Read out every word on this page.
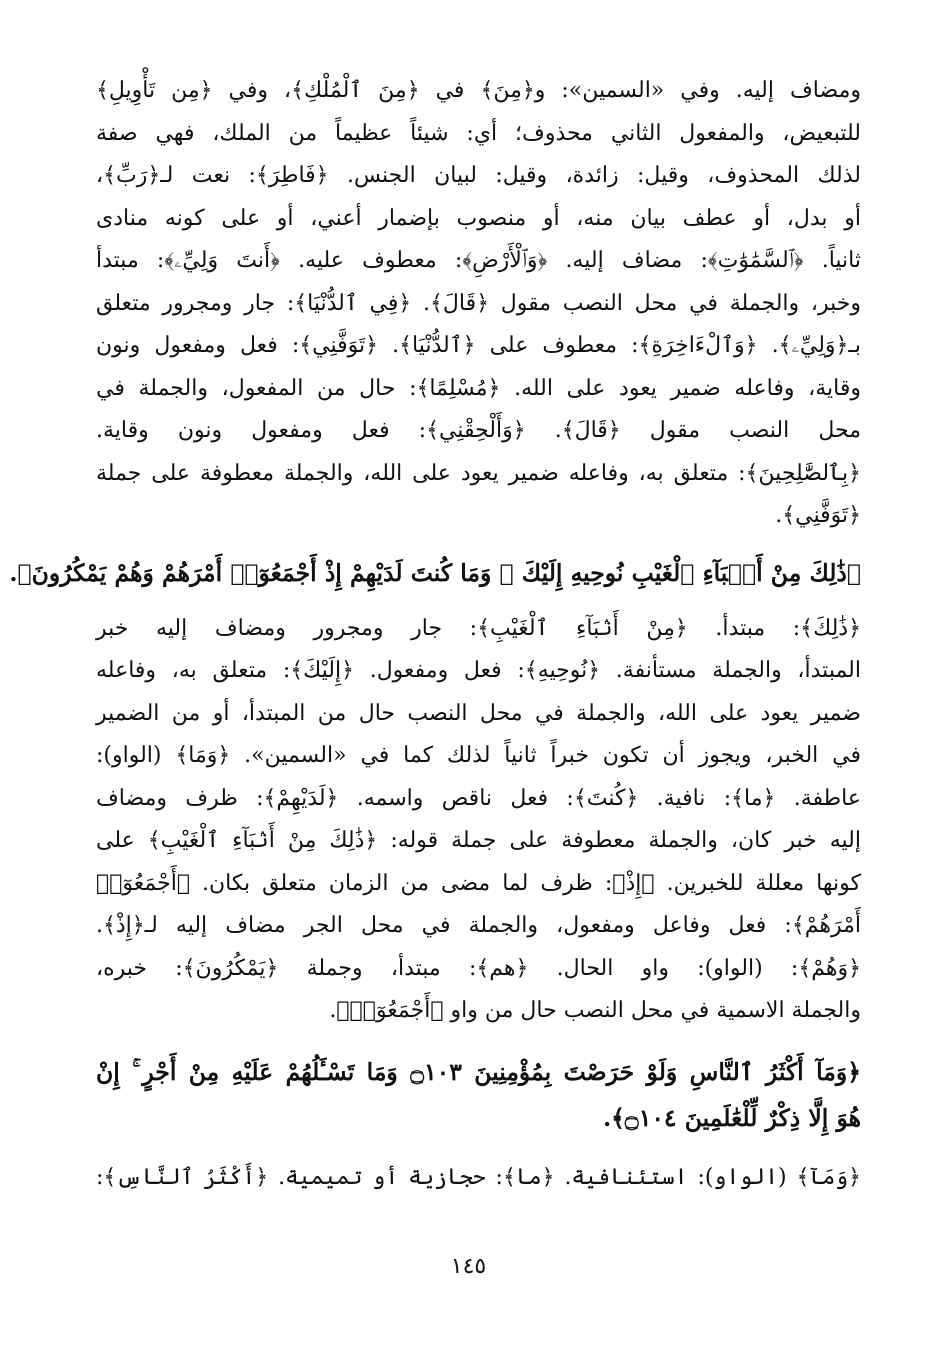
ومضاف إليه. وفي «السمين»: و﴿مِنَ﴾ في ﴿مِنَ ٱلْمُلْكِ﴾، وفي ﴿مِن تَأْوِيلِ﴾

للتبعيض، والمفعول الثاني محذوف؛ أي: شيئاً عظيماً من الملك، فهي صفة

لذلك المحذوف، وقيل: زائدة، وقيل: لبيان الجنس. ﴿فَاطِرَ﴾: نعت لـ﴿رَبِّ﴾،

أو بدل، أو عطف بيان منه، أو منصوب بإضمار أعني، أو على كونه منادى

ثانياً. ﴿ٱلسَّمَٰوَٰتِ﴾: مضاف إليه. ﴿وَٱلْأَرْضِ﴾: معطوف عليه. ﴿أَنتَ وَلِيِّۦ﴾: مبتدأ

وخبر، والجملة في محل النصب مقول ﴿قَالَ﴾. ﴿فِي ٱلدُّنْيَا﴾: جار ومجرور متعلق

بـ﴿وَلِيِّۦ﴾. ﴿وَٱلْءَاخِرَةِ﴾: معطوف على ﴿ٱلدُّنْيَا﴾. ﴿تَوَفَّنِي﴾: فعل ومفعول ونون

وقاية، وفاعله ضمير يعود على الله. ﴿مُسْلِمًا﴾: حال من المفعول، والجملة في

محل النصب مقول ﴿قَالَ﴾. ﴿وَأَلْحِقْنِي﴾: فعل ومفعول ونون وقاية.

﴿بِٱلصَّٰلِحِينَ﴾: متعلق به، وفاعله ضمير يعود على الله، والجملة معطوفة على جملة

﴿تَوَفَّنِي﴾.

﴿ذَٰلِكَ مِنْ أَنۢبَآءِ ٱلْغَيْبِ نُوحِيهِ إِلَيْكَ ۖ وَمَا كُنتَ لَدَيْهِمْ إِذْ أَجْمَعُوٓا۟ أَمْرَهُمْ وَهُمْ يَمْكُرُونَ﴾.

﴿ذَٰلِكَ﴾: مبتدأ. ﴿مِنْ أَنۢبَآءِ ٱلْغَيْبِ﴾: جار ومجرور ومضاف إليه خبر

المبتدأ، والجملة مستأنفة. ﴿نُوحِيهِ﴾: فعل ومفعول. ﴿إِلَيْكَ﴾: متعلق به، وفاعله

ضمير يعود على الله، والجملة في محل النصب حال من المبتدأ، أو من الضمير

في الخبر، ويجوز أن تكون خبراً ثانياً لذلك كما في «السمين». ﴿وَمَا﴾ (الواو):

عاطفة. ﴿ما﴾: نافية. ﴿كُنتَ﴾: فعل ناقص واسمه. ﴿لَدَيْهِمْ﴾: ظرف ومضاف

إليه خبر كان، والجملة معطوفة على جملة قوله: ﴿ذَٰلِكَ مِنْ أَنۢبَآءِ ٱلْغَيْبِ﴾ على

كونها معللة للخبرين. ﴿إِذْ﴾: ظرف لما مضى من الزمان متعلق بكان. ﴿أَجْمَعُوٓا۟

أَمْرَهُمْ﴾: فعل وفاعل ومفعول، والجملة في محل الجر مضاف إليه لـ﴿إِذْ﴾.

﴿وَهُمْ﴾: (الواو): واو الحال. ﴿هم﴾: مبتدأ، وجملة ﴿يَمْكُرُونَ﴾: خبره،

والجملة الاسمية في محل النصب حال من واو ﴿أَجْمَعُوٓا۟﴾.

﴿وَمَآ أَكْثَرُ ٱلنَّاسِ وَلَوْ حَرَصْتَ بِمُؤْمِنِينَ ۝١٠٣ وَمَا تَسْـَٔلُهُمْ عَلَيْهِ مِنْ أَجْرٍ ۚ إِنْ

هُوَ إِلَّا ذِكْرٌ لِّلْعَٰلَمِينَ ۝١٠٤﴾.

﴿وَمَآ﴾ (الواو): استئنافية. ﴿ما﴾: حجازية أو تميمية. ﴿أَكْثَرُ ٱلنَّاسِ﴾:

١٤٥
